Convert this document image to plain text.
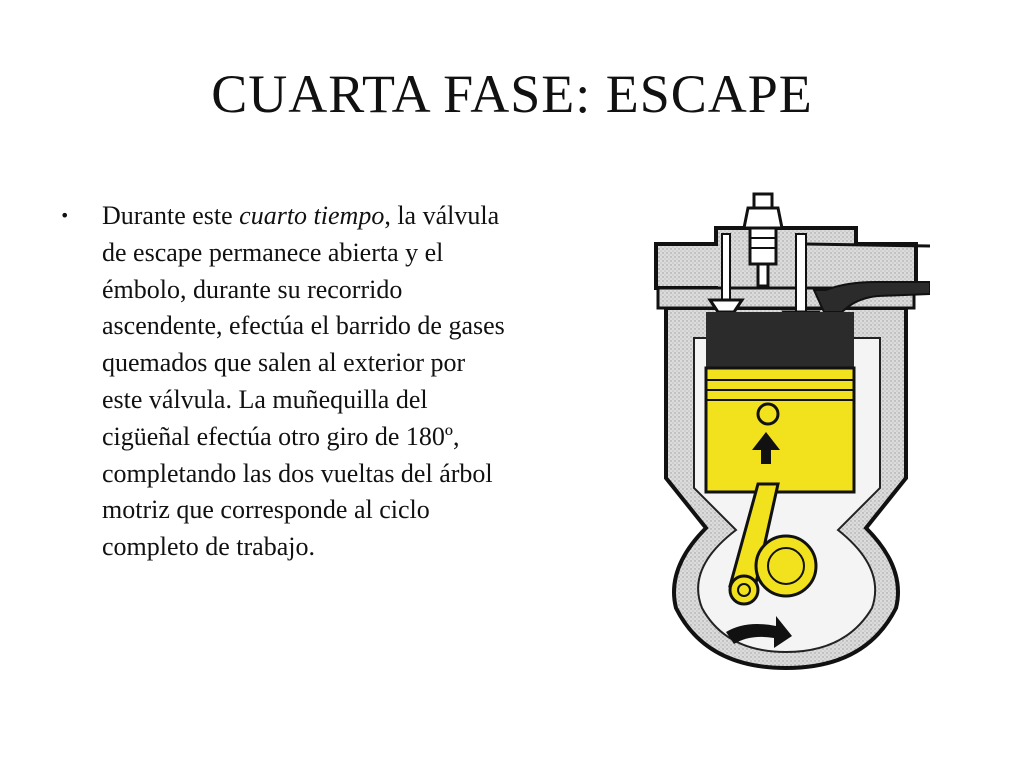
CUARTA FASE: ESCAPE
• Durante este cuarto tiempo, la válvula de escape permanece abierta y el émbolo, durante su recorrido ascendente, efectúa el barrido de gases quemados que salen al exterior por este válvula. La muñequilla del cigüeñal efectúa otro giro de 180º, completando las dos vueltas del árbol motriz que corresponde al ciclo completo de trabajo.
